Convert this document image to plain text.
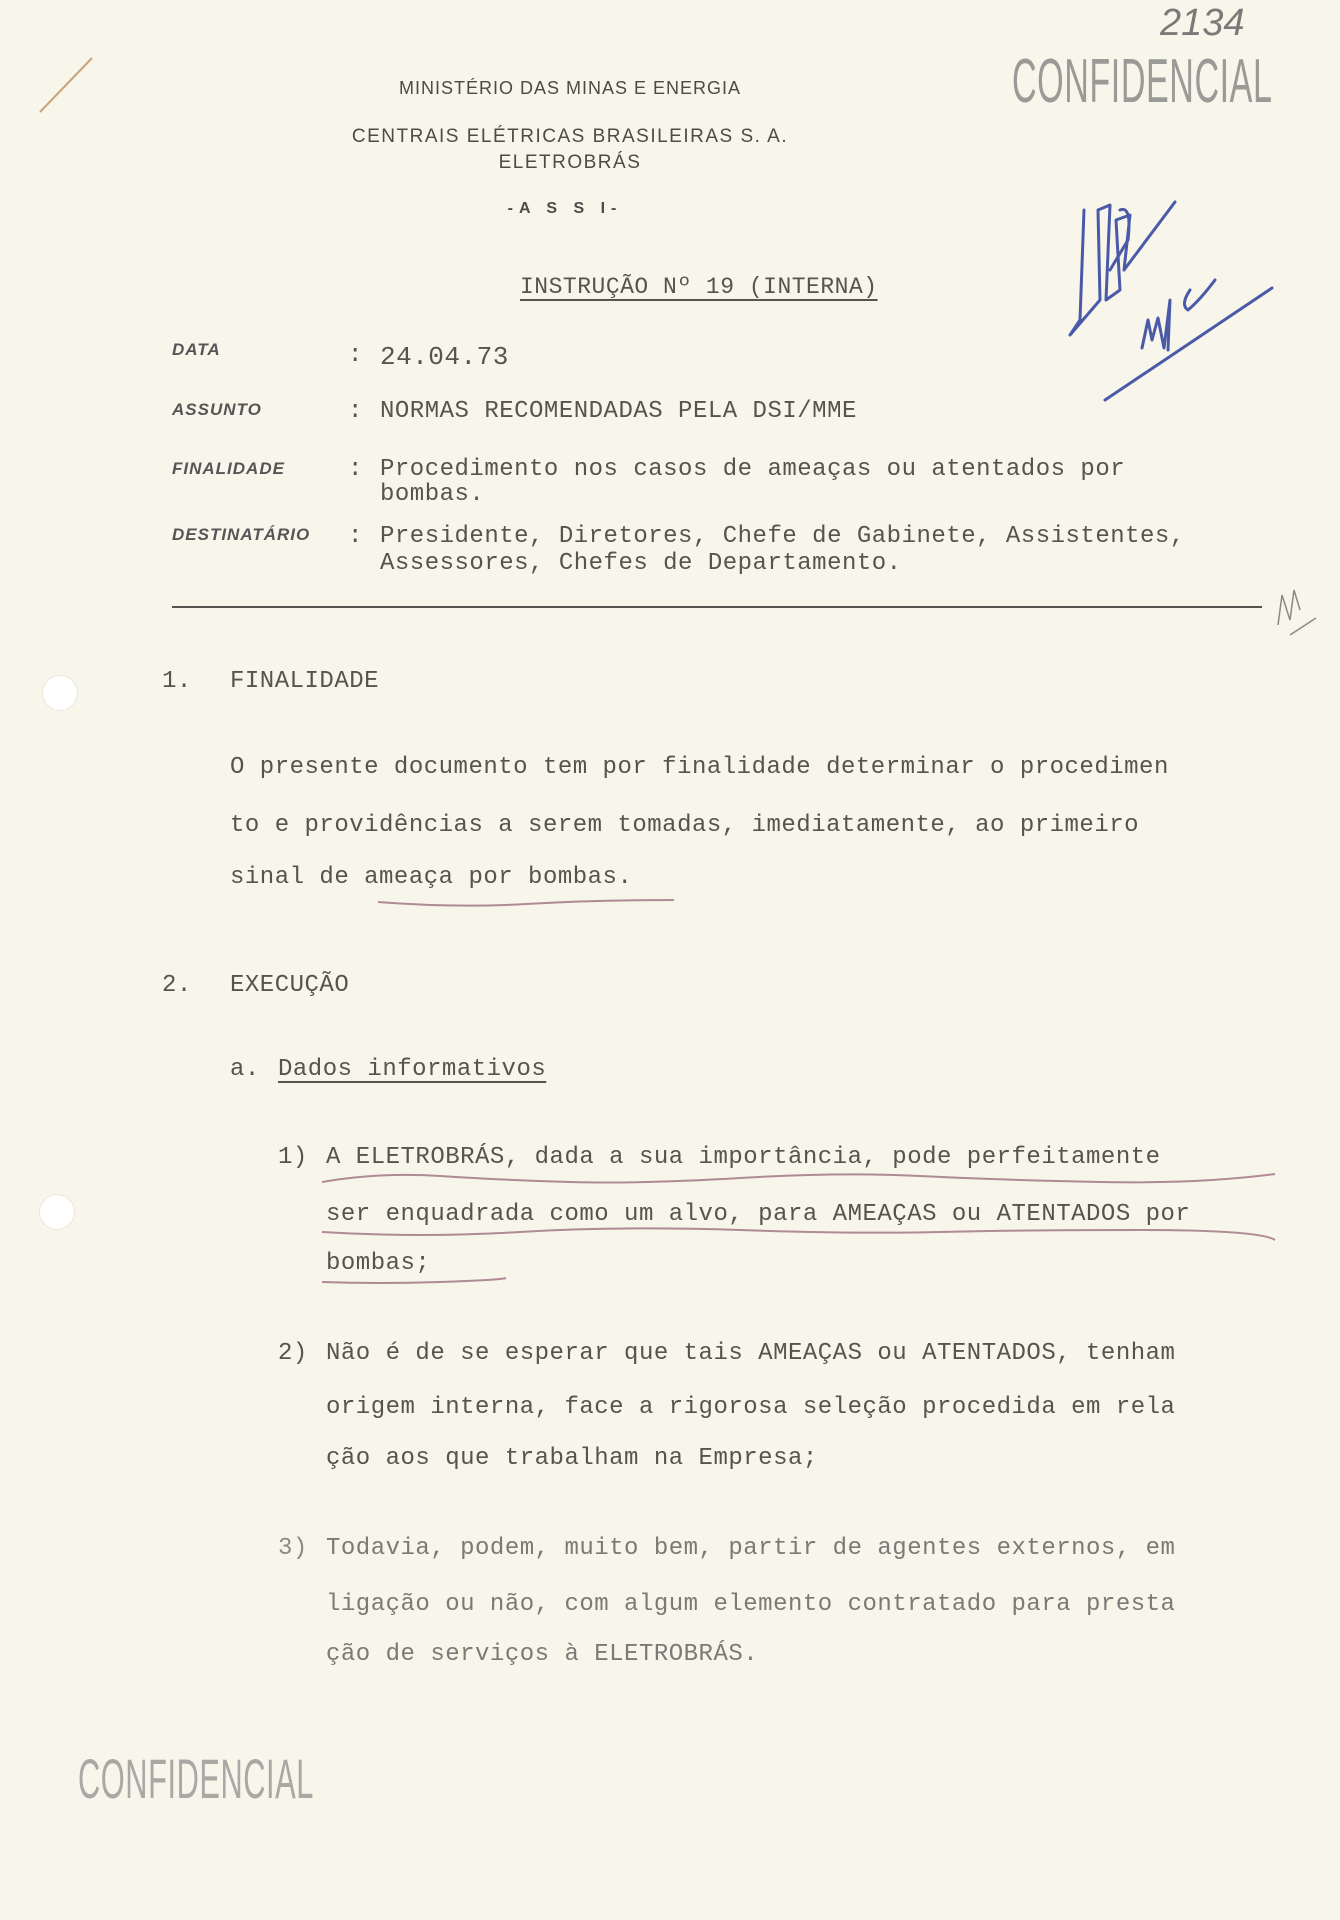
2134
CONFIDENCIAL
MINISTÉRIO DAS MINAS E ENERGIA
CENTRAIS ELÉTRICAS BRASILEIRAS S. A.
ELETROBRÁS
-A S S I-
INSTRUÇÃO Nº 19 (INTERNA)
DATA	: 24.04.73
ASSUNTO	: NORMAS RECOMENDADAS PELA DSI/MME
FINALIDADE	: Procedimento nos casos de ameaças ou atentados por
bombas.
DESTINATÁRIO : Presidente, Diretores, Chefe de Gabinete, Assistentes,
Assessores, Chefes de Departamento.
1. FINALIDADE
O presente documento tem por finalidade determinar o procedimen
to e providências a serem tomadas, imediatamente, ao primeiro
sinal de ameaça por bombas.
2. EXECUÇÃO
a. Dados informativos
1) A ELETROBRÁS, dada a sua importância, pode perfeitamente
ser enquadrada como um alvo, para AMEAÇAS ou ATENTADOS por
bombas;
2) Não é de se esperar que tais AMEAÇAS ou ATENTADOS, tenham
origem interna, face a rigorosa seleção procedida em rela
ção aos que trabalham na Empresa;
3) Todavia, podem, muito bem, partir de agentes externos, em
ligação ou não, com algum elemento contratado para presta
ção de serviços à ELETROBRÁS.
CONFIDENCIAL
